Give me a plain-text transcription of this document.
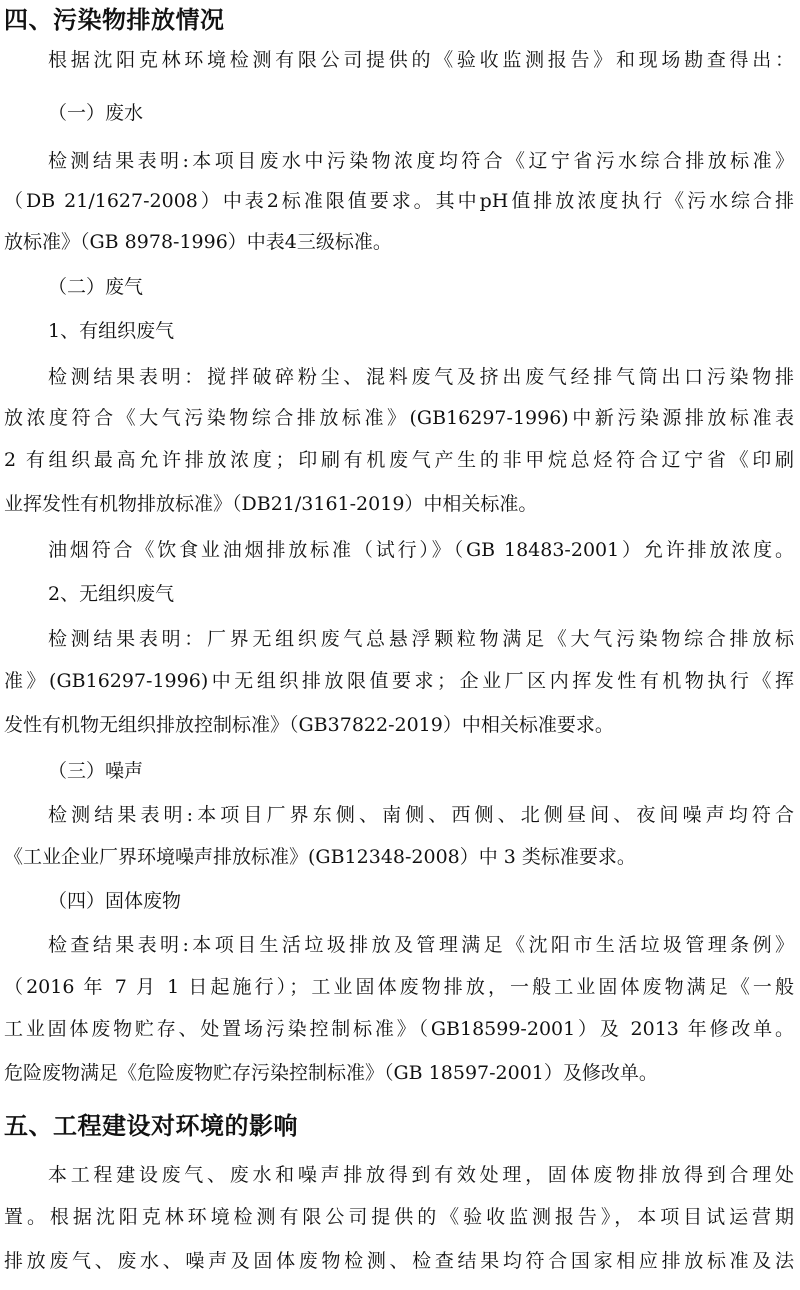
四、污染物排放情况
根据沈阳克林环境检测有限公司提供的《验收监测报告》和现场勘查得出：
（一）废水
检测结果表明:本项目废水中污染物浓度均符合《辽宁省污水综合排放标准》
（DB 21/1627-2008）中表2标准限值要求。其中pH值排放浓度执行《污水综合排
放标准》（GB 8978-1996）中表4三级标准。
（二）废气
1、有组织废气
检测结果表明：搅拌破碎粉尘、混料废气及挤出废气经排气筒出口污染物排
放浓度符合《大气污染物综合排放标准》(GB16297-1996)中新污染源排放标准表
2 有组织最高允许排放浓度；印刷有机废气产生的非甲烷总烃符合辽宁省《印刷
业挥发性有机物排放标准》（DB21/3161-2019）中相关标准。
油烟符合《饮食业油烟排放标准（试行）》（GB 18483-2001）允许排放浓度。
2、无组织废气
检测结果表明：厂界无组织废气总悬浮颗粒物满足《大气污染物综合排放标
准》(GB16297-1996)中无组织排放限值要求；企业厂区内挥发性有机物执行《挥
发性有机物无组织排放控制标准》（GB37822-2019）中相关标准要求。
（三）噪声
检测结果表明:本项目厂界东侧、南侧、西侧、北侧昼间、夜间噪声均符合
《工业企业厂界环境噪声排放标准》(GB12348-2008）中 3 类标准要求。
（四）固体废物
检查结果表明:本项目生活垃圾排放及管理满足《沈阳市生活垃圾管理条例》
（2016 年 7 月 1 日起施行）；工业固体废物排放，一般工业固体废物满足《一般
工业固体废物贮存、处置场污染控制标准》（GB18599-2001）及 2013 年修改单。
危险废物满足《危险废物贮存污染控制标准》（GB 18597-2001）及修改单。
五、工程建设对环境的影响
本工程建设废气、废水和噪声排放得到有效处理，固体废物排放得到合理处
置。根据沈阳克林环境检测有限公司提供的《验收监测报告》，本项目试运营期
排放废气、废水、噪声及固体废物检测、检查结果均符合国家相应排放标准及法
